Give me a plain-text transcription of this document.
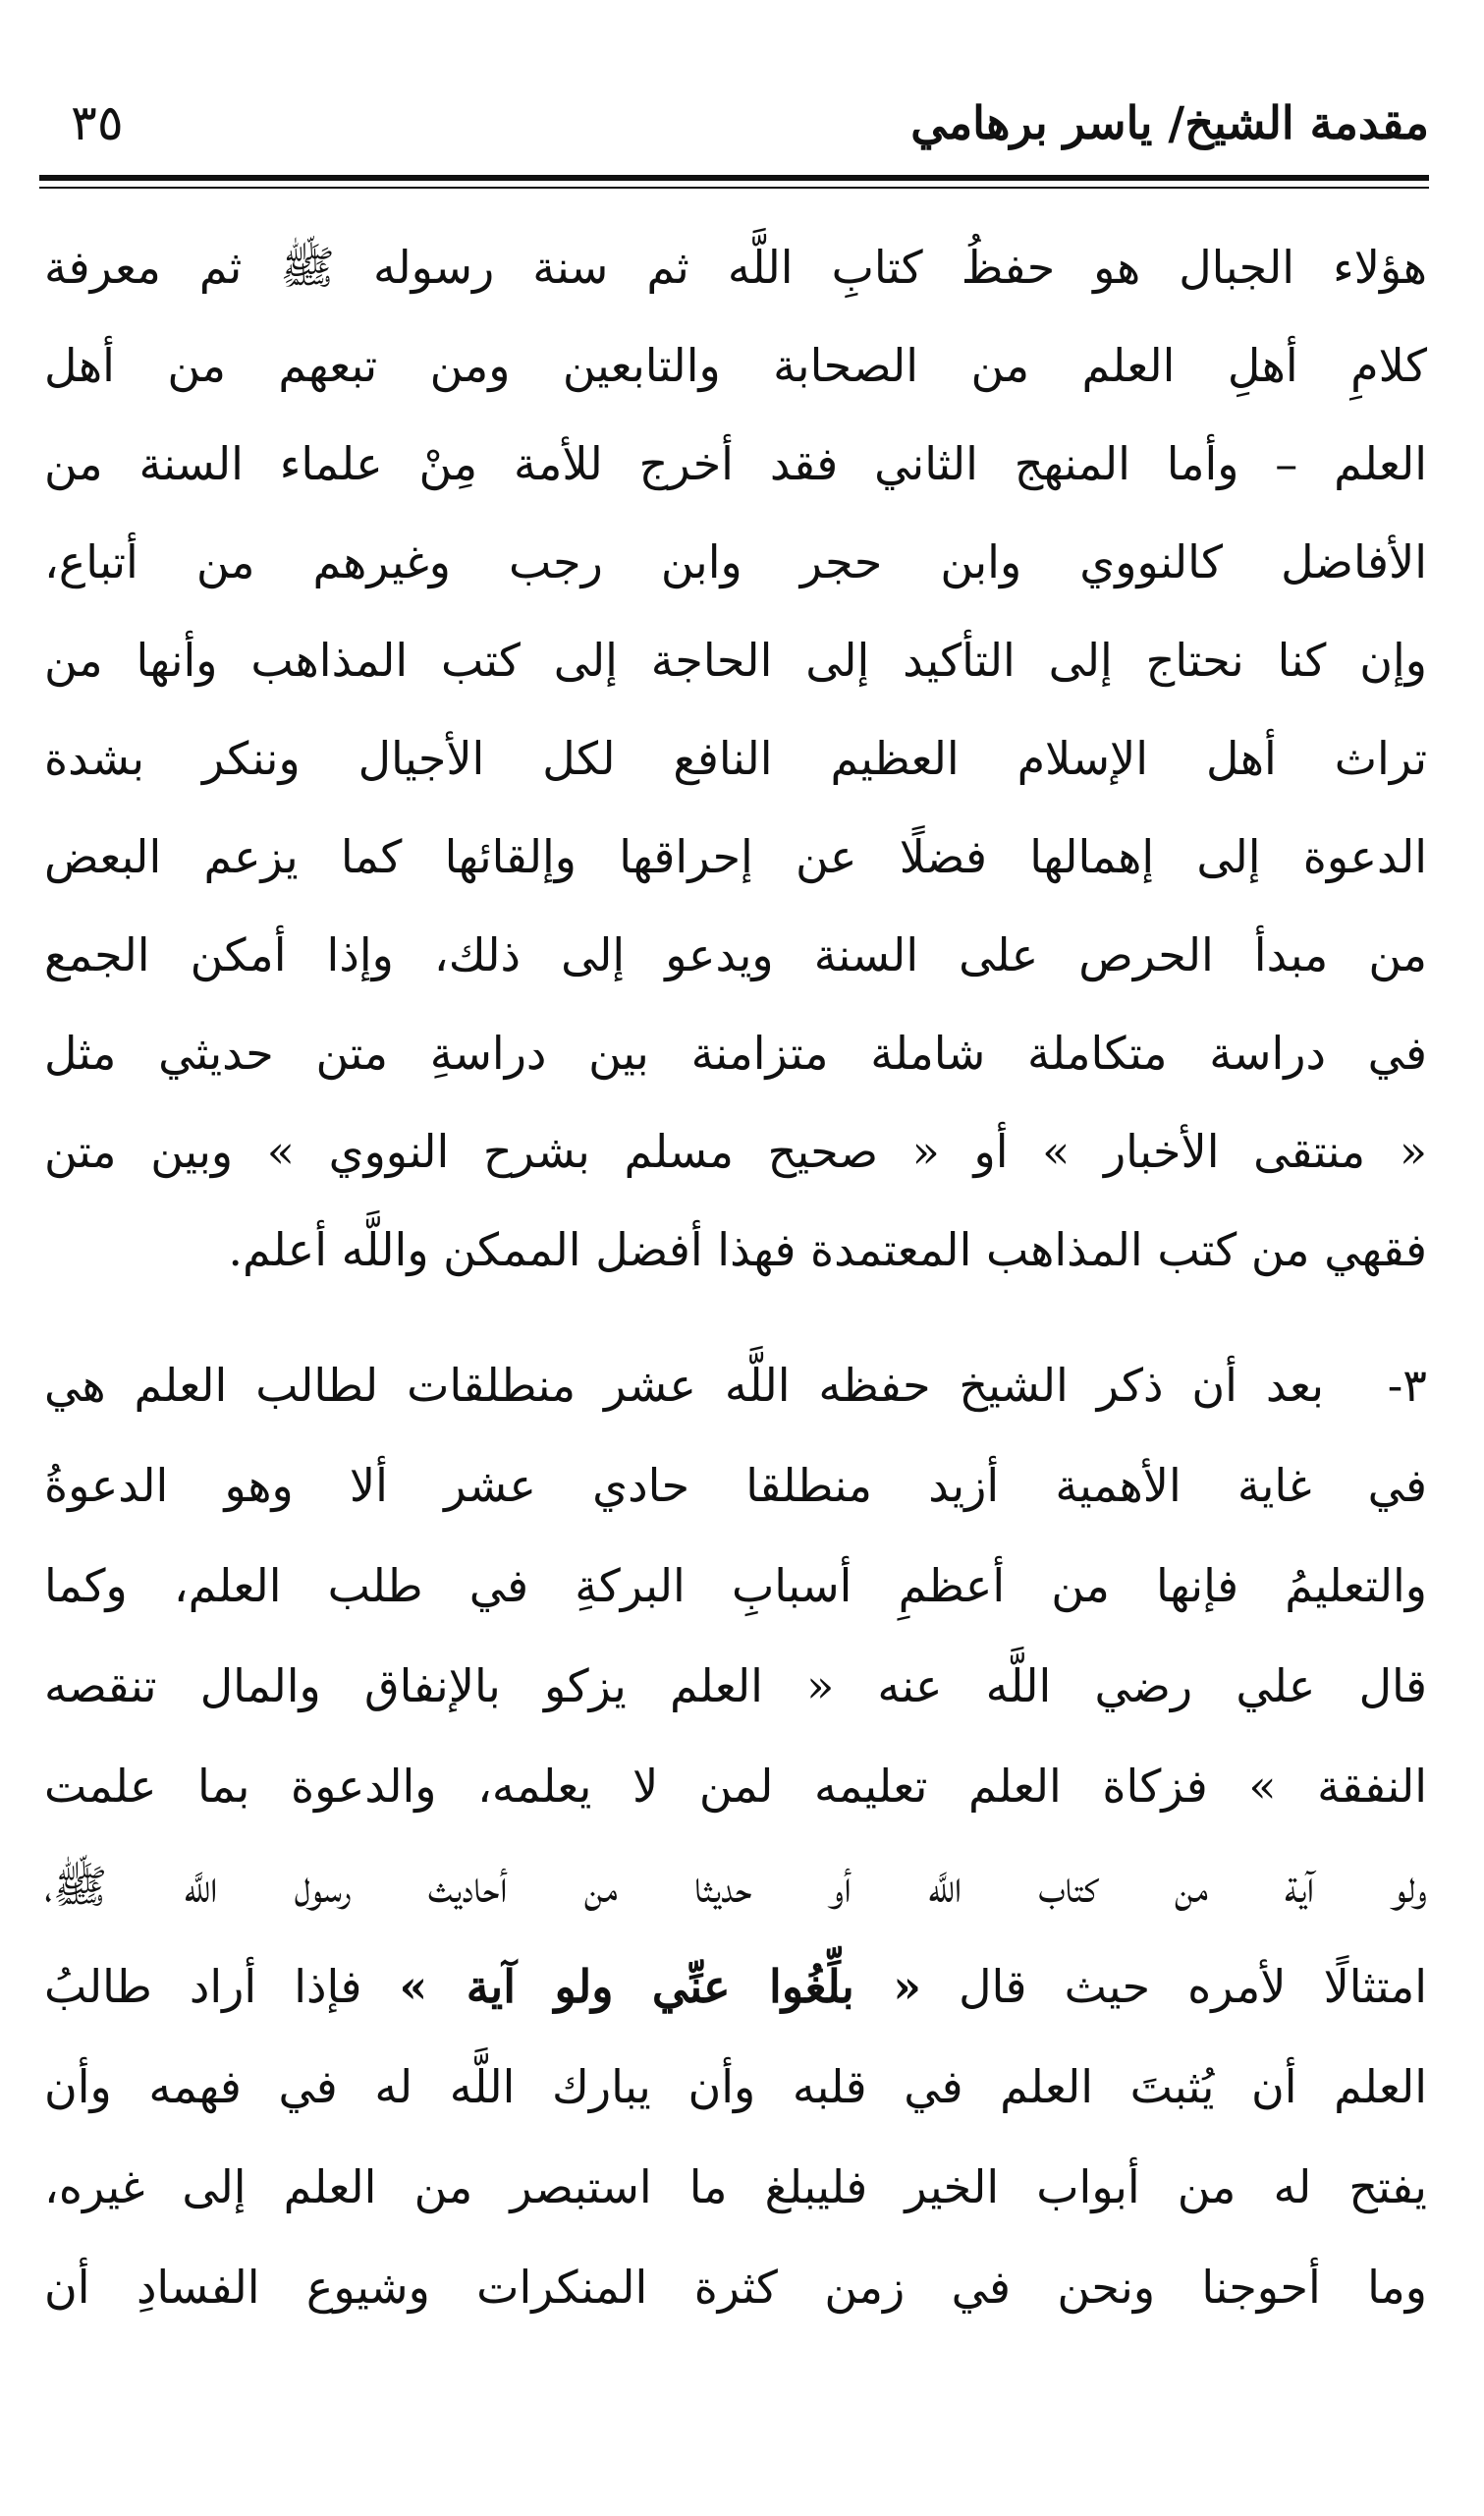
مقدمة الشيخ/ ياسر برهامي
٣٥
هؤلاء الجبال هو حفظُ كتابِ اللَّه ثم سنة رسوله ﷺ ثم معرفة
كلامِ أهلِ العلم من الصحابة والتابعين ومن تبعهم من أهل
العلم – وأما المنهج الثاني فقد أخرج للأمة مِنْ علماء السنة من
الأفاضل كالنووي وابن حجر وابن رجب وغيرهم من أتباع،
وإن كنا نحتاج إلى التأكيد إلى الحاجة إلى كتب المذاهب وأنها من
تراث أهل الإسلام العظيم النافع لكل الأجيال وننكر بشدة
الدعوة إلى إهمالها فضلًا عن إحراقها وإلقائها كما يزعم البعض
من مبدأ الحرص على السنة ويدعو إلى ذلك، وإذا أمكن الجمع
في دراسة متكاملة شاملة متزامنة بين دراسةِ متن حديثي مثل
« منتقى الأخبار » أو « صحيح مسلم بشرح النووي » وبين متن
فقهي من كتب المذاهب المعتمدة فهذا أفضل الممكن واللَّه أعلم.
٣-
بعد أن ذكر الشيخ حفظه اللَّه عشر منطلقات لطالب العلم هي
في غاية الأهمية أزيد منطلقا حادي عشر ألا وهو الدعوةُ
والتعليمُ فإنها من أعظمِ أسبابِ البركةِ في طلب العلم، وكما
قال علي رضي اللَّه عنه « العلم يزكو بالإنفاق والمال تنقصه
النفقة » فزكاة العلم تعليمه لمن لا يعلمه، والدعوة بما علمت
ولو آية من كتاب اللَّه أو حديثا من أحاديث رسول اللَّه ﷺ،
امتثالًا لأمره حيث قال « بلِّغُوا عنِّي ولو آية » فإذا أراد طالبُ
العلم أن يُثبتَ العلم في قلبه وأن يبارك اللَّه له في فهمه وأن
يفتح له من أبواب الخير فليبلغ ما استبصر من العلم إلى غيره،
وما أحوجنا ونحن في زمن كثرة المنكرات وشيوع الفسادِ أن
